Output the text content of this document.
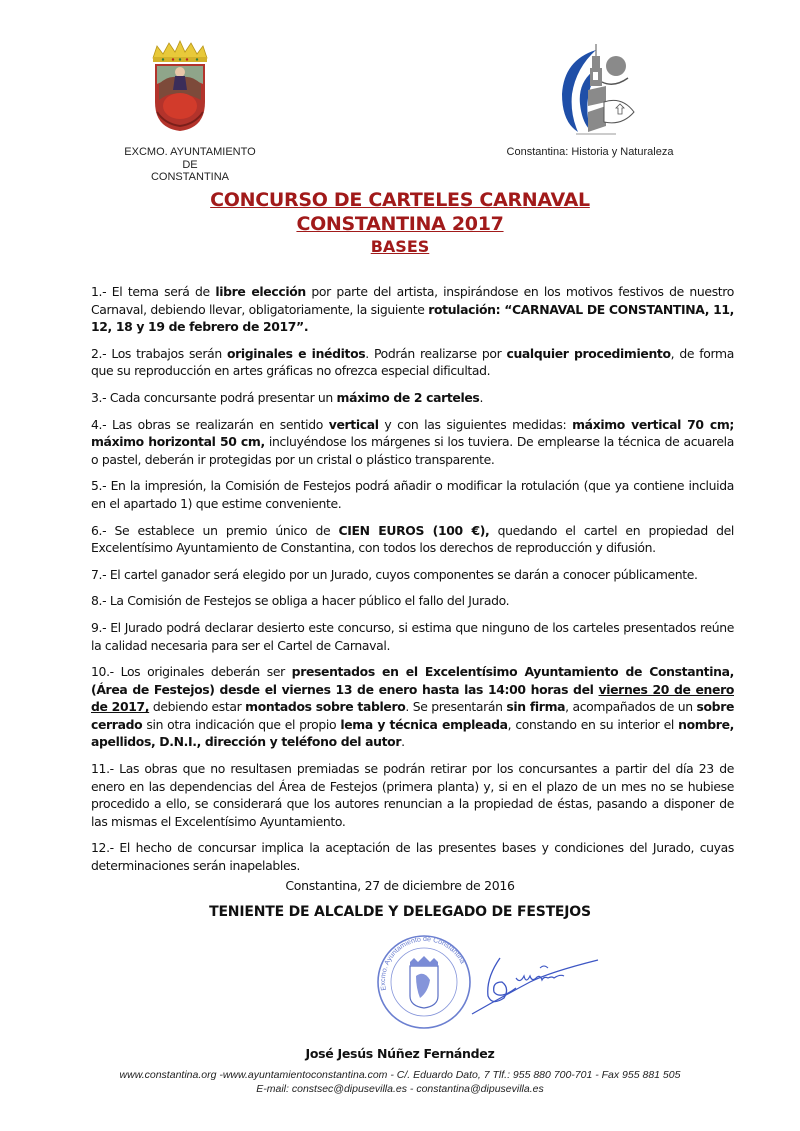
EXCMO. AYUNTAMIENTO
DE
CONSTANTINA
Constantina: Historia y Naturaleza
CONCURSO DE CARTELES CARNAVAL
CONSTANTINA 2017
BASES

1.- El tema será de libre elección por parte del artista, inspirándose en los motivos festivos de nuestro Carnaval, debiendo llevar, obligatoriamente, la siguiente rotulación: “CARNAVAL DE CONSTANTINA, 11, 12, 18 y 19 de febrero de 2017”.

2.- Los trabajos serán originales e inéditos. Podrán realizarse por cualquier procedimiento, de forma que su reproducción en artes gráficas no ofrezca especial dificultad.

3.- Cada concursante podrá presentar un máximo de 2 carteles.

4.- Las obras se realizarán en sentido vertical y con las siguientes medidas: máximo vertical 70 cm; máximo horizontal 50 cm, incluyéndose los márgenes si los tuviera. De emplearse la técnica de acuarela o pastel, deberán ir protegidas por un cristal o plástico transparente.

5.- En la impresión, la Comisión de Festejos podrá añadir o modificar la rotulación (que ya contiene incluida en el apartado 1) que estime conveniente.

6.- Se establece un premio único de CIEN EUROS (100 €), quedando el cartel en propiedad del Excelentísimo Ayuntamiento de Constantina, con todos los derechos de reproducción y difusión.

7.- El cartel ganador será elegido por un Jurado, cuyos componentes se darán a conocer públicamente.

8.- La Comisión de Festejos se obliga a hacer público el fallo del Jurado.

9.- El Jurado podrá declarar desierto este concurso, si estima que ninguno de los carteles presentados reúne la calidad necesaria para ser el Cartel de Carnaval.

10.- Los originales deberán ser presentados en el Excelentísimo Ayuntamiento de Constantina, (Área de Festejos) desde el viernes 13 de enero hasta las 14:00 horas del viernes 20 de enero de 2017, debiendo estar montados sobre tablero. Se presentarán sin firma, acompañados de un sobre cerrado sin otra indicación que el propio lema y técnica empleada, constando en su interior el nombre, apellidos, D.N.I., dirección y teléfono del autor.

11.- Las obras que no resultasen premiadas se podrán retirar por los concursantes a partir del día 23 de enero en las dependencias del Área de Festejos (primera planta) y, si en el plazo de un mes no se hubiese procedido a ello, se considerará que los autores renuncian a la propiedad de éstas, pasando a disponer de las mismas el Excelentísimo Ayuntamiento.

12.- El hecho de concursar implica la aceptación de las presentes bases y condiciones del Jurado, cuyas determinaciones serán inapelables.

Constantina, 27 de diciembre de 2016
TENIENTE DE ALCALDE Y DELEGADO DE FESTEJOS
Excmo. Ayuntamiento de Constantina
José Jesús Núñez Fernández
www.constantina.org -www.ayuntamientoconstantina.com - C/. Eduardo Dato, 7 Tlf.: 955 880 700-701 - Fax 955 881 505
E-mail: constsec@dipusevilla.es - constantina@dipusevilla.es
